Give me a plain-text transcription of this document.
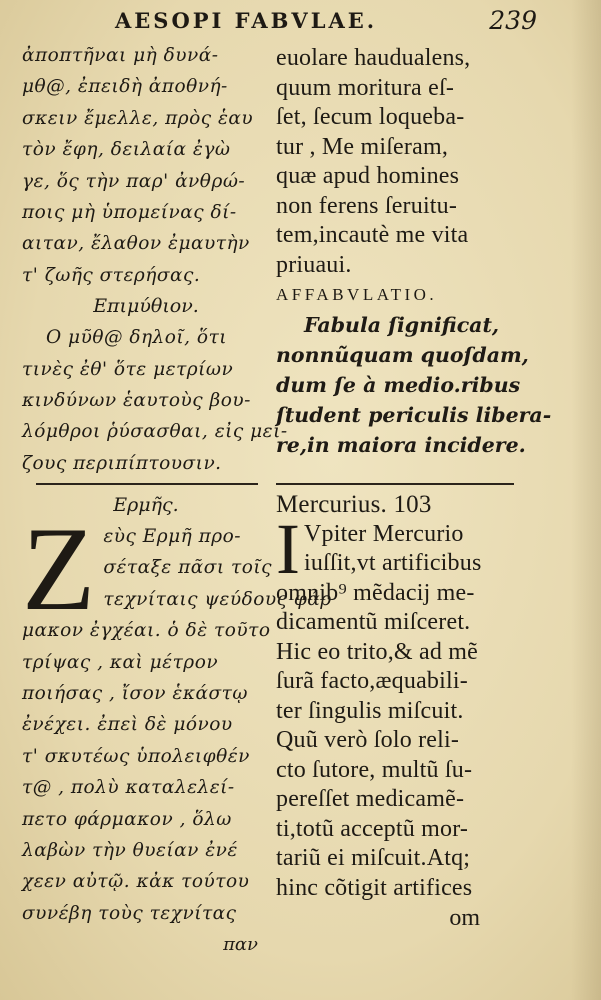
AESOPI FABVLAE.	239
ἀποπτῆναι μὴ δυνά-
μθ@, ἐπειδὴ ἀποθνή-
σκειν ἔμελλε, πρὸς ἑαυ
τὸν ἔφη, δειλαία ἐγὼ
γε, ὅς τὴν παρ' ἀνθρώ-
ποις μὴ ὑπομείνας δί-
αιταν, ἔλαθον ἐμαυτὴν
τ' ζωῆς στερήσας.
Επιμύθιον.
Ο μῦθ@ δηλοῖ, ὅτι
τινὲς ἐθ' ὅτε μετρίων
κινδύνων ἑαυτοὺς βου-
λόμθροι ῥύσασθαι, εἰς μεί-
ζους περιπίπτουσιν.
euolare haudualens,
quum moritura eſ-
ſet, ſecum loqueba-
tur , Me miſeram,
quæ apud homines
non ferens ſeruitu-
tem,incautè me vita
priuaui.
AFFABVLATIO.
Fabula ſignificat,
nonnũquam quoſdam,
dum ſe à medio.ribus
ſtudent periculis libera-
re,in maiora incidere.
Ερμῆς.
Ζ εὺς Ερμῆ προ-
σέταξε πᾶσι τοῖς
τεχνίταις ψεύδους φάρ
μακον ἐγχέαι. ὁ δὲ τοῦτο
τρίψας , καὶ μέτρον
ποιήσας , ἴσον ἑκάστῳ
ἐνέχει. ἐπεὶ δὲ μόνου
τ' σκυτέως ὑπολειφθέν
τ@ , πολὺ καταλελεί-
πετο φάρμακον , ὅλω
λαβὼν τὴν θυείαν ἐνέ
χεεν αὐτῷ. κἀκ τούτου
συνέβη τοὺς τεχνίτας
παν
Mercurius. 103
I Vpiter Mercurio
iuſſit,vt artificibus
omnib⁹ mẽdacij me-
dicamentũ miſceret.
Hic eo trito,& ad mẽ
ſurã facto,æquabili-
ter ſingulis miſcuit.
Quũ verò ſolo reli-
cto ſutore, multũ ſu-
pereſſet medicamẽ-
ti,totũ acceptũ mor-
tariũ ei miſcuit.Atq;
hinc cõtigit artifices
om
